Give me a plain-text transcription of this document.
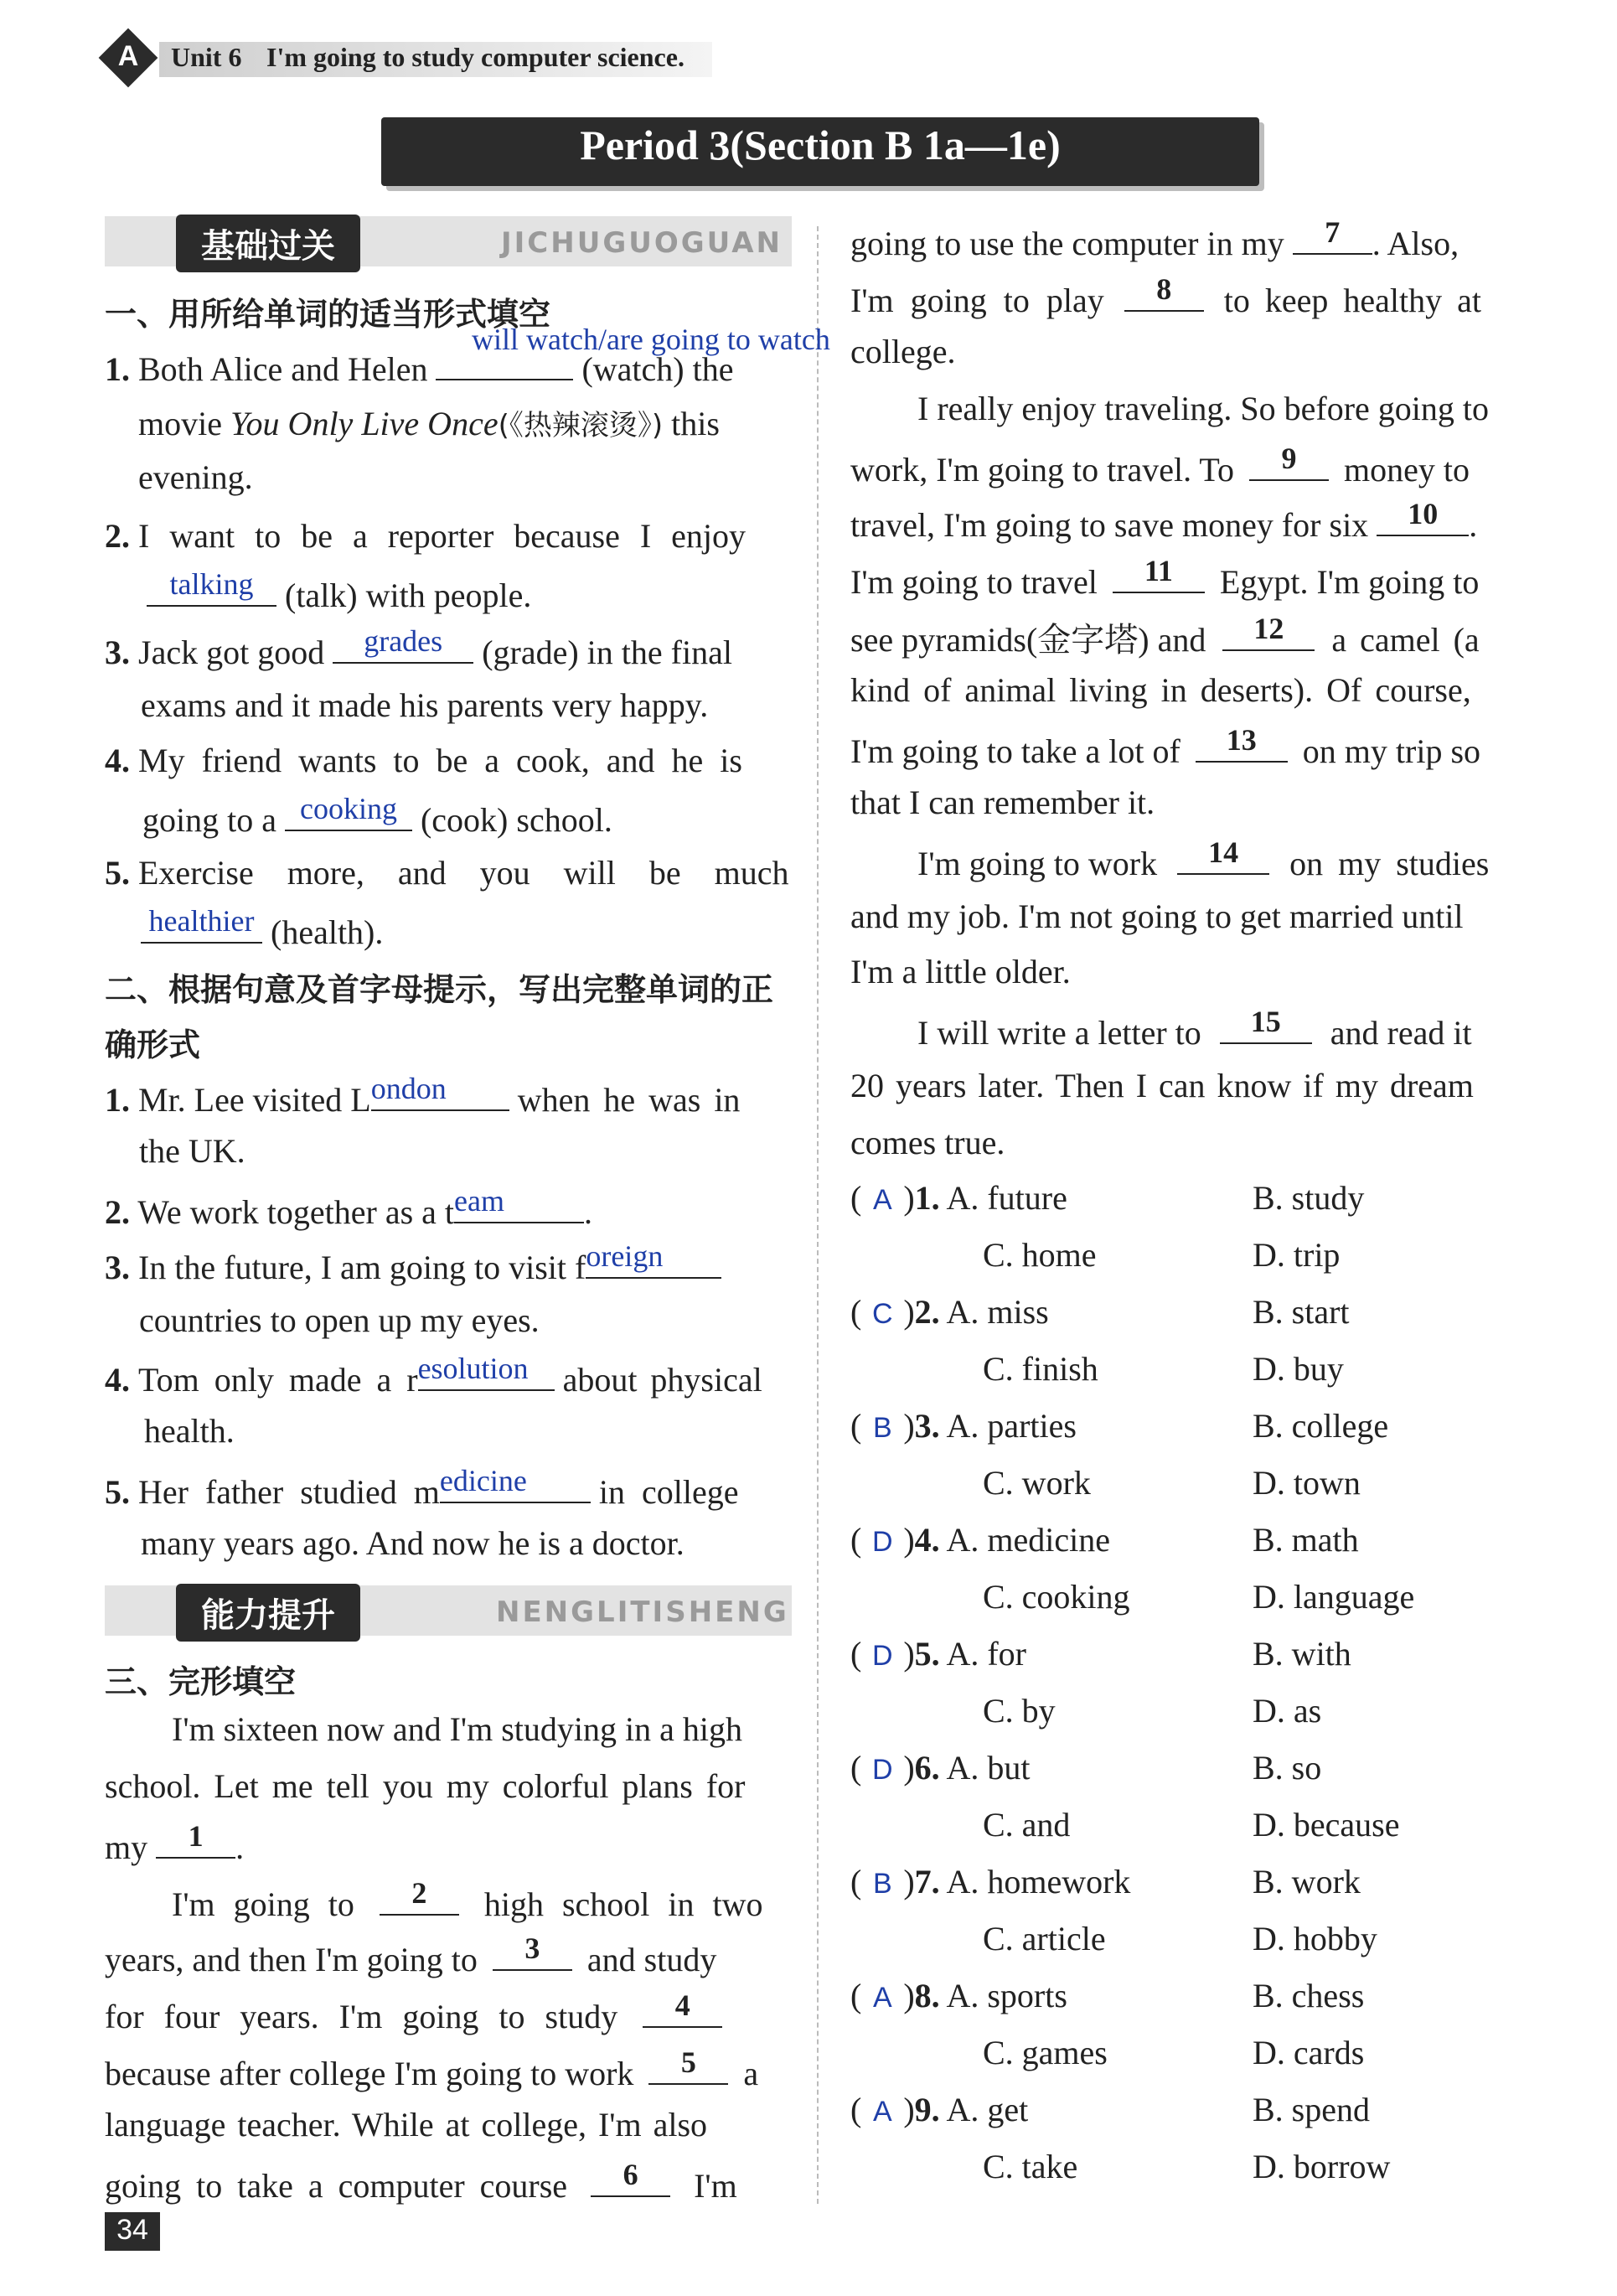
A	Unit 6 I'm going to study computer science.
Period 3(Section B 1a—1e)
基础过关	JICHUGUOGUAN
一、用所给单词的适当形式填空
1. Both Alice and Helen	(watch) the
will watch/are going to watch
movie You Only Live Once(《热辣滚烫》) this
evening.
2. I want to be a reporter because I enjoy
talking (talk) with people.
3. Jack got good	grades	(grade) in the final
exams and it made his parents very happy.
4. My friend wants to be a cook, and he is
going to a cooking (cook) school.
5. Exercise more, and you will be much
healthier (health).
二、根据句意及首字母提示，写出完整单词的正
确形式
1. Mr. Lee visited L ondon	when he was in
the UK.
2. We work together as a t eam	.
3. In the future, I am going to visit f oreign
countries to open up my eyes.
4. Tom only made a r esolution	about physical
health.
5. Her father studied m edicine	in college
many years ago. And now he is a doctor.
能力提升	NENGLITISHENG
三、完形填空
I'm sixteen now and I'm studying in a high
school. Let me tell you my colorful plans for
my	1 .
I'm going to	2	high school in two
years, and then I'm going to	3	and study
for four years. I'm going to study	4
because after college I'm going to work	5	a
language teacher. While at college, I'm also
going to take a computer course	6	I'm
going to use the computer in my	7 . Also,
I'm going to play	8	to keep healthy at
college.
I really enjoy traveling. So before going to
work, I'm going to travel. To	9	money to
travel, I'm going to save money for six	10 .
I'm going to travel	11	Egypt. I'm going to
see pyramids(金字塔) and	12	a camel (a
kind of animal living in deserts). Of course,
I'm going to take a lot of	13	on my trip so
that I can remember it.
I'm going to work	14	on my studies
and my job. I'm not going to get married until
I'm a little older.
I will write a letter to	15	and read it
20 years later. Then I can know if my dream
comes true.
( A )1. A. future	B. study
C. home	D. trip
( C )2. A. miss	B. start
C. finish	D. buy
( B )3. A. parties	B. college
C. work	D. town
( D )4. A. medicine	B. math
C. cooking	D. language
( D )5. A. for	B. with
C. by	D. as
( D )6. A. but	B. so
C. and	D. because
( B )7. A. homework	B. work
C. article	D. hobby
( A )8. A. sports	B. chess
C. games	D. cards
( A )9. A. get	B. spend
C. take	D. borrow
34
